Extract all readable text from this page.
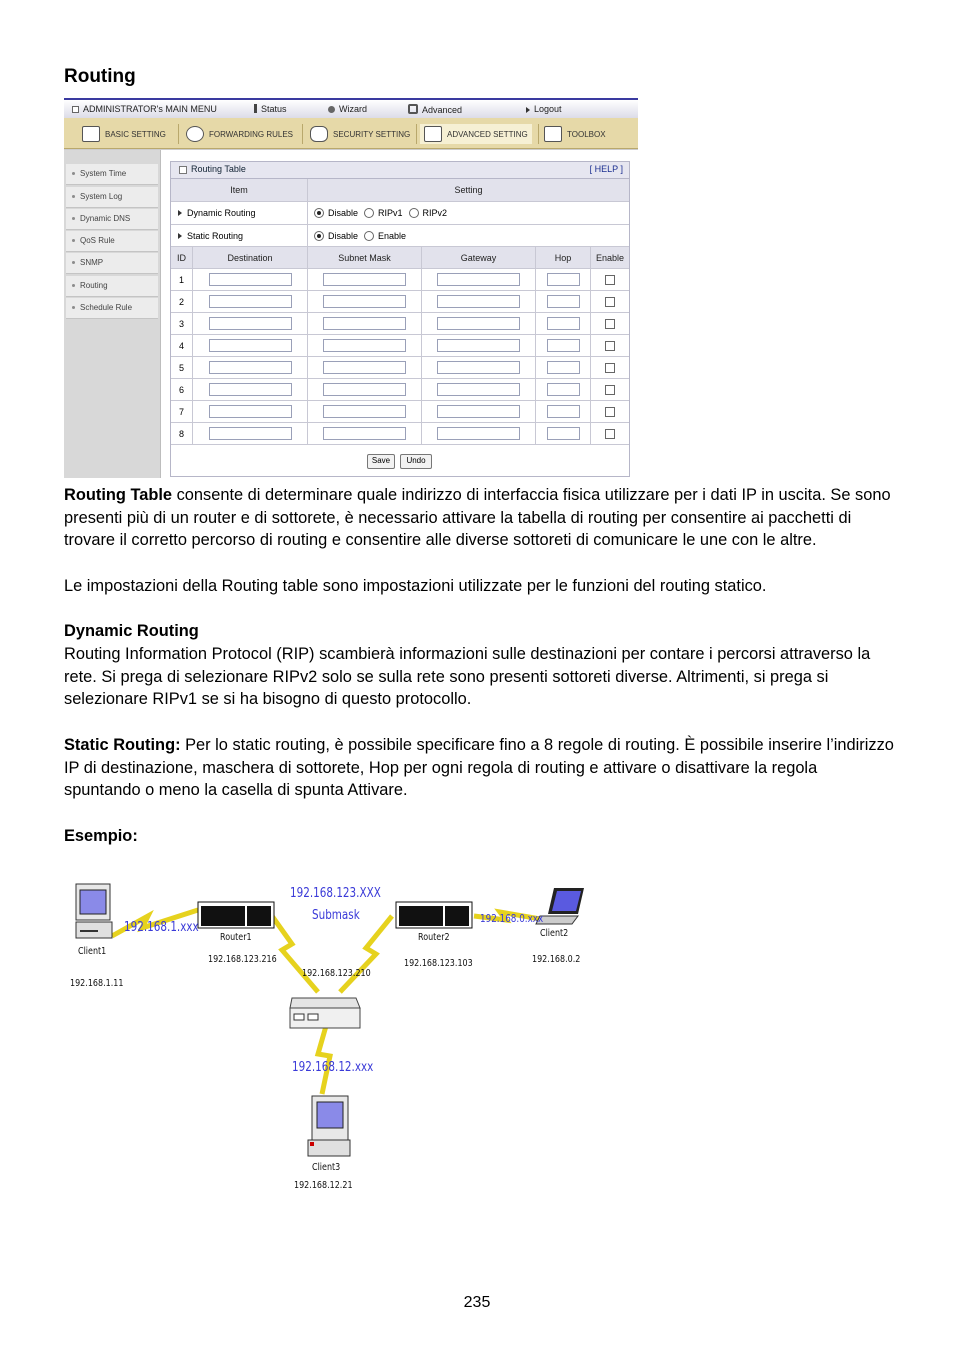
Routing
ADMINISTRATOR's MAIN MENU	Status	Wizard	Advanced	Logout
BASIC SETTING	FORWARDING RULES	SECURITY SETTING	ADVANCED SETTING	TOOLBOX
System Time
System Log
Dynamic DNS
QoS Rule
SNMP
Routing
Schedule Rule
Routing Table	[ HELP ]
Item	Setting
Dynamic Routing	Disable RIPv1 RIPv2
Static Routing	Disable Enable
ID	Destination	Subnet Mask	Gateway	Hop	Enable
1
2
3
4
5
6
7
8
Save	Undo

Routing Table consente di determinare quale indirizzo di interfaccia fisica utilizzare per i dati IP in uscita. Se sono presenti più di un router e di sottorete, è necessario attivare la tabella di routing per consentire ai pacchetti di trovare il corretto percorso di routing e consentire alle diverse sottoreti di comunicare le une con le altre.

Le impostazioni della Routing table sono impostazioni utilizzate per le funzioni del routing statico.

Dynamic Routing

Routing Information Protocol (RIP) scambierà informazioni sulle destinazioni per contare i percorsi attraverso la rete. Si prega di selezionare RIPv2 solo se sulla rete sono presenti sottoreti diverse. Altrimenti, si prega si selezionare RIPv1 se si ha bisogno di questo protocollo.

Static Routing: Per lo static routing, è possibile specificare fino a 8 regole di routing. È possibile inserire l’indirizzo IP di destinazione, maschera di sottorete, Hop per ogni regola di routing e attivare o disattivare la regola spuntando o meno la casella di spunta Attivare.

Esempio:

192.168.123.XXX
Submask
192.168.1.xxx
192.168.0.xxx
192.168.12.xxx
Router1
192.168.123.216
Router2
192.168.123.103
192.168.123.210
Client1
192.168.1.11
Client2
192.168.0.2
Client3
192.168.12.21
235
